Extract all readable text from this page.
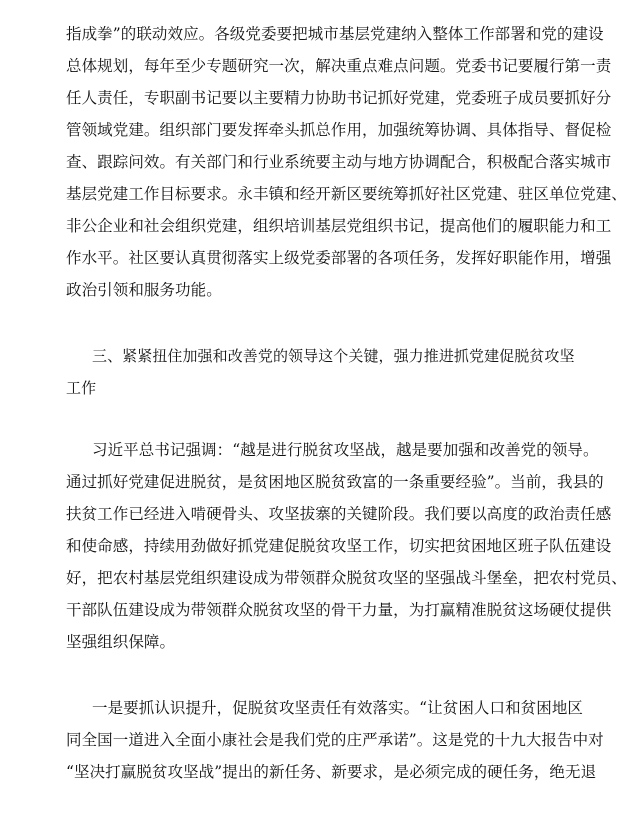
指成拳”的联动效应。各级党委要把城市基层党建纳入整体工作部署和党的建设
总体规划，每年至少专题研究一次，解决重点难点问题。党委书记要履行第一责
任人责任，专职副书记要以主要精力协助书记抓好党建，党委班子成员要抓好分
管领域党建。组织部门要发挥牵头抓总作用，加强统筹协调、具体指导、督促检
查、跟踪问效。有关部门和行业系统要主动与地方协调配合，积极配合落实城市
基层党建工作目标要求。永丰镇和经开新区要统筹抓好社区党建、驻区单位党建、
非公企业和社会组织党建，组织培训基层党组织书记，提高他们的履职能力和工
作水平。社区要认真贯彻落实上级党委部署的各项任务，发挥好职能作用，增强
政治引领和服务功能。
三、紧紧扭住加强和改善党的领导这个关键，强力推进抓党建促脱贫攻坚
工作
习近平总书记强调：“越是进行脱贫攻坚战，越是要加强和改善党的领导。
通过抓好党建促进脱贫，是贫困地区脱贫致富的一条重要经验”。当前，我县的
扶贫工作已经进入啃硬骨头、攻坚拔寨的关键阶段。我们要以高度的政治责任感
和使命感，持续用劲做好抓党建促脱贫攻坚工作，切实把贫困地区班子队伍建设
好，把农村基层党组织建设成为带领群众脱贫攻坚的坚强战斗堡垒，把农村党员、
干部队伍建设成为带领群众脱贫攻坚的骨干力量，为打赢精准脱贫这场硬仗提供
坚强组织保障。
一是要抓认识提升，促脱贫攻坚责任有效落实。“让贫困人口和贫困地区
同全国一道进入全面小康社会是我们党的庄严承诺”。这是党的十九大报告中对
“坚决打赢脱贫攻坚战”提出的新任务、新要求，是必须完成的硬任务，绝无退
